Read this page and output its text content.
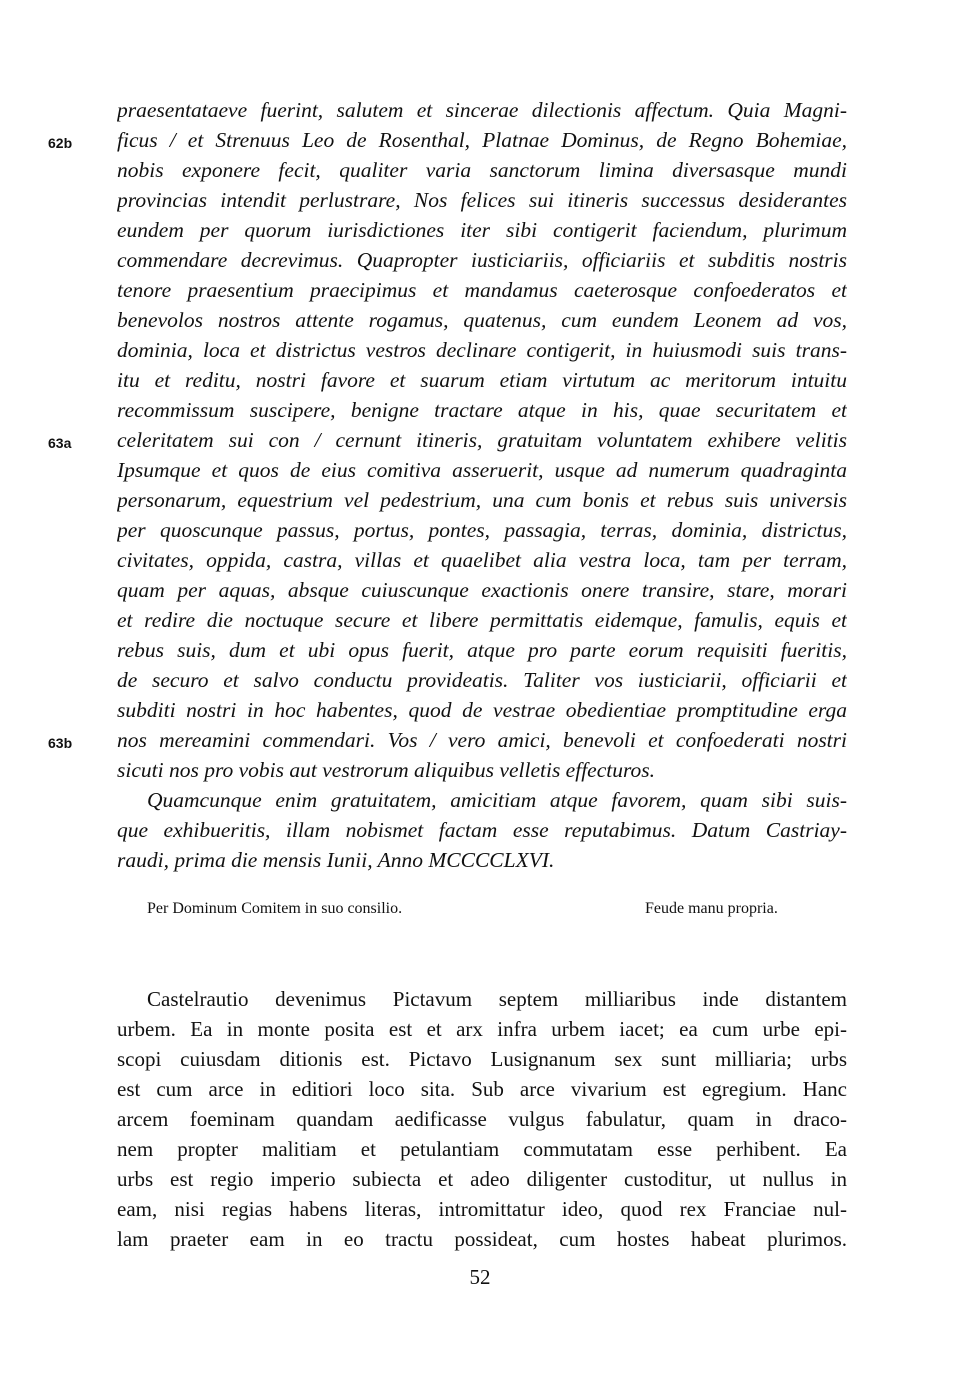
praesentataeve fuerint, salutem et sincerae dilectionis affectum. Quia Magni-
ficus / et Strenuus Leo de Rosenthal, Platnae Dominus, de Regno Bohemiae,
nobis exponere fecit, qualiter varia sanctorum limina diversasque mundi
provincias intendit perlustrare, Nos felices sui itineris successus desiderantes
eundem per quorum iurisdictiones iter sibi contigerit faciendum, plurimum
commendare decrevimus. Quapropter iusticiariis, officiariis et subditis nostris
tenore praesentium praecipimus et mandamus caeterosque confoederatos et
benevolos nostros attente rogamus, quatenus, cum eundem Leonem ad vos,
dominia, loca et districtus vestros declinare contigerit, in huiusmodi suis trans-
itu et reditu, nostri favore et suarum etiam virtutum ac meritorum intuitu
recommissum suscipere, benigne tractare atque in his, quae securitatem et
celeritatem sui con / cernunt itineris, gratuitam voluntatem exhibere velitis
Ipsumque et quos de eius comitiva asseruerit, usque ad numerum quadraginta
personarum, equestrium vel pedestrium, una cum bonis et rebus suis universis
per quoscunque passus, portus, pontes, passagia, terras, dominia, districtus,
civitates, oppida, castra, villas et quaelibet alia vestra loca, tam per terram,
quam per aquas, absque cuiuscunque exactionis onere transire, stare, morari
et redire die noctuque secure et libere permittatis eidemque, famulis, equis et
rebus suis, dum et ubi opus fuerit, atque pro parte eorum requisiti fueritis,
de securo et salvo conductu provideatis. Taliter vos iusticiarii, officiarii et
subditi nostri in hoc habentes, quod de vestrae obedientiae promptitudine erga
nos mereamini commendari. Vos / vero amici, benevoli et confoederati nostri
sicuti nos pro vobis aut vestrorum aliquibus velletis effecturos.
Quamcunque enim gratuitatem, amicitiam atque favorem, quam sibi suis-
que exhibueritis, illam nobismet factam esse reputabimus. Datum Castriay-
raudi, prima die mensis Iunii, Anno MCCCCLXVI.
62b
63a
63b
Per Dominum Comitem in suo consilio.	Feude manu propria.
Castelrautio devenimus Pictavum septem milliaribus inde distantem
urbem. Ea in monte posita est et arx infra urbem iacet; ea cum urbe epi-
scopi cuiusdam ditionis est. Pictavo Lusignanum sex sunt milliaria; urbs
est cum arce in editiori loco sita. Sub arce vivarium est egregium. Hanc
arcem foeminam quandam aedificasse vulgus fabulatur, quam in draco-
nem propter malitiam et petulantiam commutatam esse perhibent. Ea
urbs est regio imperio subiecta et adeo diligenter custoditur, ut nullus in
eam, nisi regias habens literas, intromittatur ideo, quod rex Franciae nul-
lam praeter eam in eo tractu possideat, cum hostes habeat plurimos.
52
